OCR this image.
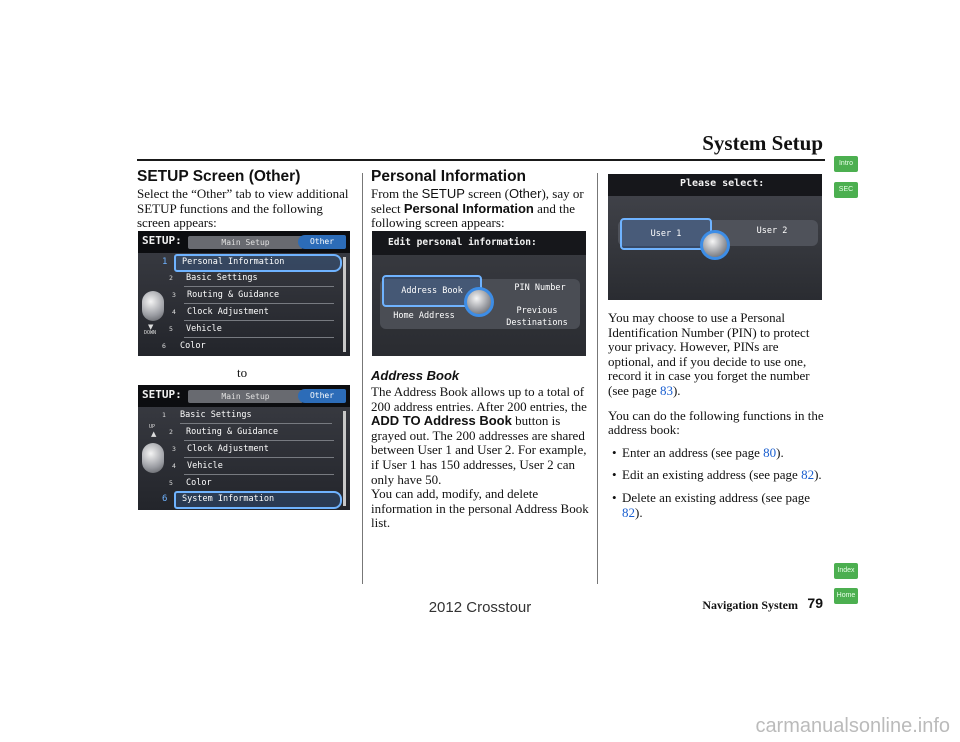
System Setup
Intro
SEC
Index
Home
SETUP Screen (Other)

Select the “Other” tab to view additional SETUP functions and the following screen appears:

SETUP:	Main Setup	Other
Personal Information
1
Basic Settings
2
Routing & Guidance
3
Clock Adjustment
4
Vehicle
5
Color
6
▼
DOWN
to
SETUP:	Main Setup	Other
Basic Settings
1
Routing & Guidance
2
Clock Adjustment
3
Vehicle
4
Color
5
System Information
6
UP
▲
Personal Information

From the SETUP screen (Other), say or select Personal Information and the following screen appears:

Edit personal information:
Address Book	PIN Number
Home Address	Previous Destinations
Address Book

The Address Book allows up to a total of 200 address entries. After 200 entries, the ADD TO Address Book button is grayed out. The 200 addresses are shared between User 1 and User 2. For example, if User 1 has 150 addresses, User 2 can only have 50.

You can add, modify, and delete information in the personal Address Book list.

Please select:
User 1	User 2

You may choose to use a Personal Identification Number (PIN) to protect your privacy. However, PINs are optional, and if you decide to use one, record it in case you forget the number (see page 83).

You can do the following functions in the address book:

• Enter an address (see page 80).
• Edit an existing address (see page 82).
• Delete an existing address (see page 82).
Navigation System 79
2012 Crosstour
carmanualsonline.info
